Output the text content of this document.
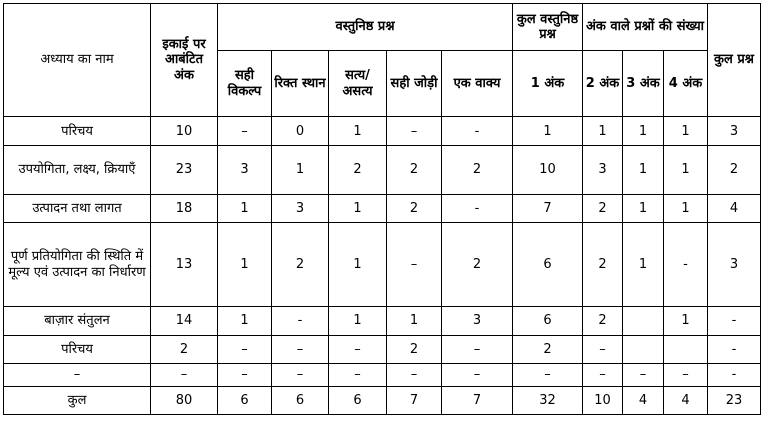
अध्याय का नाम	इकाई पर आबंटित अंक	वस्तुनिष्ठ प्रश्न					कुल वस्तुनिष्ठ प्रश्न	अंक वाले प्रश्नों की संख्या			कुल प्रश्न
		सही विकल्प	रिक्त स्थान	सत्य/ असत्य	सही जोड़ी	एक वाक्य	1 अंक	2 अंक	3 अंक	4 अंक	
परिचय	10	–	0	1	–	-	1	1	1	1	3
उपयोगिता, लक्ष्य, क्रियाएँ	23	3	1	2	2	2	10	3	1	1	2
उत्पादन तथा लागत	18	1	3	1	2	-	7	2	1	1	4
पूर्ण प्रतियोगिता की स्थिति में मूल्य एवं उत्पादन का निर्धारण	13	1	2	1	–	2	6	2	1	-	3
बाज़ार संतुलन	14	1	-	1	1	3	6	2		1	-
परिचय	2	–	–	–	2	–	2	–			-
–	–	–	–	–	–	–	–	–	–	–	-
कुल	80	6	6	6	7	7	32	10	4	4	23
